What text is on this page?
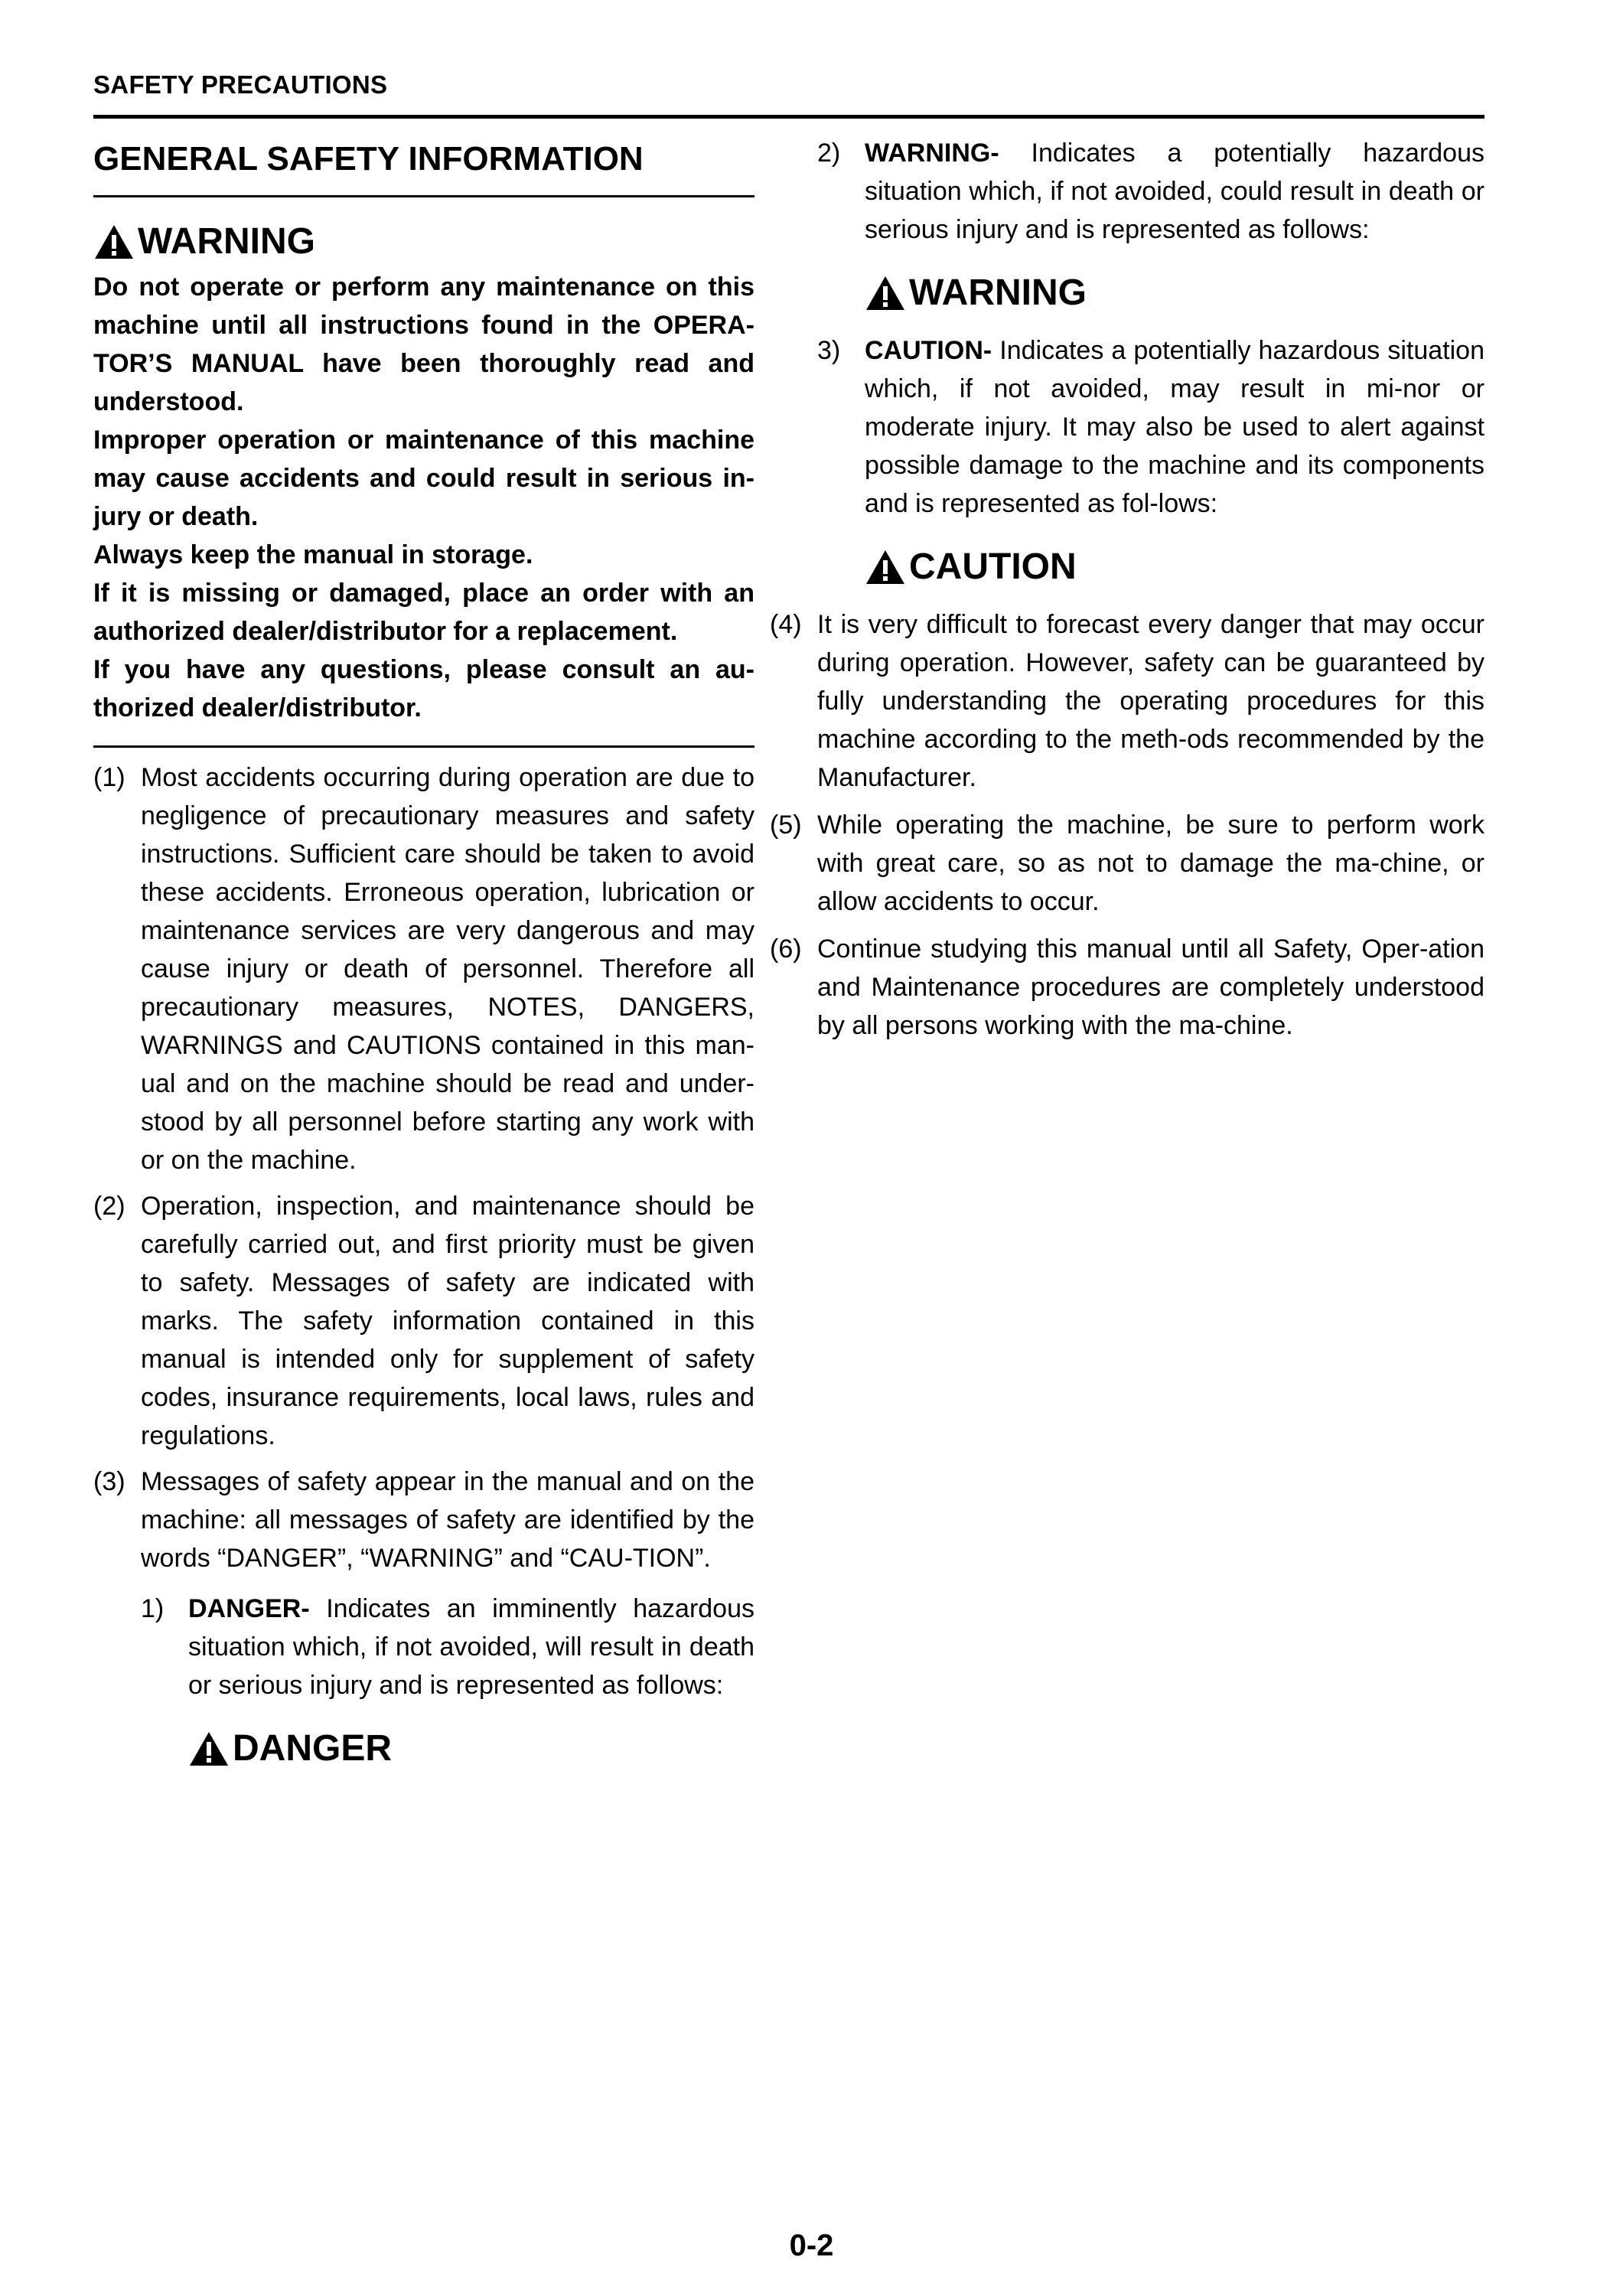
SAFETY PRECAUTIONS
GENERAL SAFETY INFORMATION
WARNING

Do not operate or perform any maintenance on this machine until all instructions found in the OPERA-TOR’S MANUAL have been thoroughly read and understood.

Improper operation or maintenance of this machine may cause accidents and could result in serious in-jury or death.

Always keep the manual in storage.

If it is missing or damaged, place an order with an authorized dealer/distributor for a replacement.

If you have any questions, please consult an au-thorized dealer/distributor.

(1) Most accidents occurring during operation are due to negligence of precautionary measures and safety instructions. Sufficient care should be taken to avoid these accidents. Erroneous operation, lubrication or maintenance services are very dangerous and may cause injury or death of personnel. Therefore all precautionary measures, NOTES, DANGERS, WARNINGS and CAUTIONS contained in this man-ual and on the machine should be read and under-stood by all personnel before starting any work with or on the machine.
(2) Operation, inspection, and maintenance should be carefully carried out, and first priority must be given to safety. Messages of safety are indicated with marks. The safety information contained in this manual is intended only for supplement of safety codes, insurance requirements, local laws, rules and regulations.
(3) Messages of safety appear in the manual and on the machine: all messages of safety are identified by the words “DANGER”, “WARNING” and “CAU-TION”.
1) DANGER- Indicates an imminently hazardous situation which, if not avoided, will result in death or serious injury and is represented as follows:
DANGER
2) WARNING- Indicates a potentially hazardous situation which, if not avoided, could result in death or serious injury and is represented as follows:
WARNING
3) CAUTION- Indicates a potentially hazardous situation which, if not avoided, may result in mi-nor or moderate injury. It may also be used to alert against possible damage to the machine and its components and is represented as fol-lows:
CAUTION
(4) It is very difficult to forecast every danger that may occur during operation. However, safety can be guaranteed by fully understanding the operating procedures for this machine according to the meth-ods recommended by the Manufacturer.
(5) While operating the machine, be sure to perform work with great care, so as not to damage the ma-chine, or allow accidents to occur.
(6) Continue studying this manual until all Safety, Oper-ation and Maintenance procedures are completely understood by all persons working with the ma-chine.
0-2
